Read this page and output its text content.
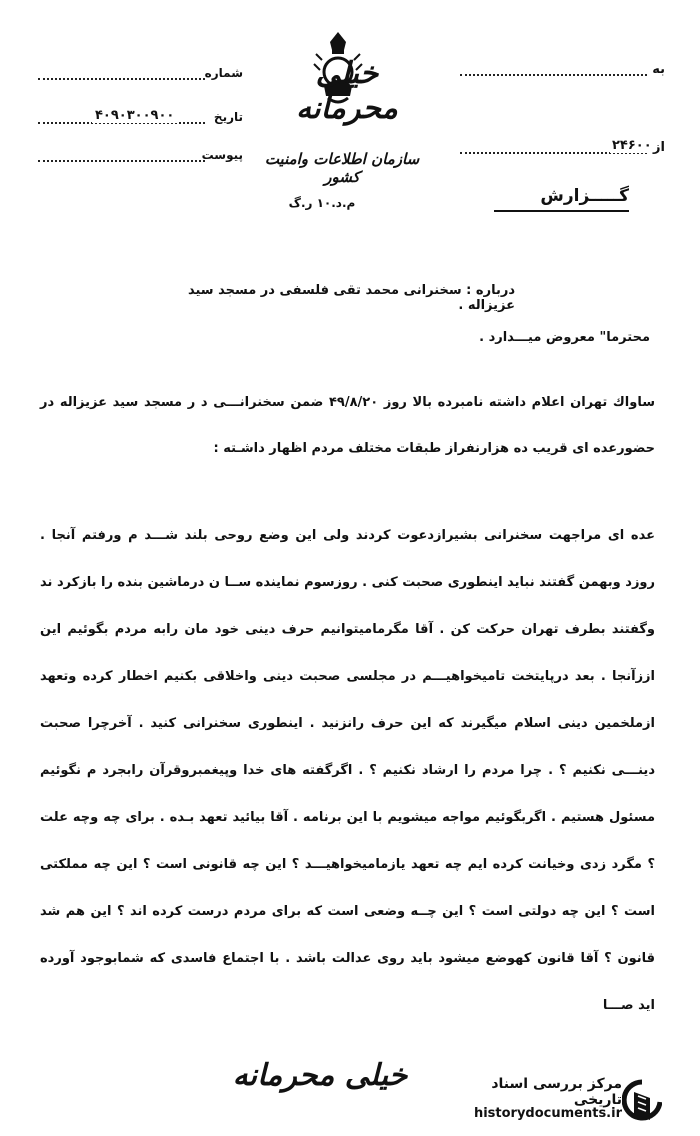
شماره
۴۰۹۰۳۰۰۹۰۰	تاریخ
پیوست
خیلی محرمانه
سازمان اطلاعات وامنیت کشور
م.د.۱۰ ر.گ
به
۲۴۶۰۰ از
گـــــزارش
درباره : سخنرانی محمد تقی فلسفی در مسجد سید عزیزاله .
محترما" معروض میـــدارد .
ساواك تهران اعلام داشته نامبرده بالا روز ۴۹/۸/۲۰ ضمن سخنرانـــی د ر مسجد سید عزیزاله در حضورعده ای قریب ده هزارنفراز طبقات مختلف مردم اظهار داشـته :
عده ای مراجهت سخنرانی بشیرازدعوت کردند ولی این وضع روحی بلند شـــد م ورفتم آنجا . روزد وبهمن گفتند نباید اینطوری صحبت کنی . روزسوم نماینده ســا ن درماشین بنده را بازکرد ند وگفتند بطرف تهران حرکت کن . آقا مگرمامیتوانیم حرف دینی خود مان رابه مردم بگوئیم این اززآنجا . بعد درپایتخت تامیخواهیـــم در مجلسی صحبت دینی واخلاقی بکنیم اخطار کرده وتعهد ازملخمین دینی اسلام میگیرند که این حرف رانزنید . اینطوری سخنرانی کنید . آخرچرا صحبت دینـــی نکنیم ؟ . چرا مردم را ارشاد نکنیم ؟ . اگرگفته های خدا وپیغمبروقرآن رابجرد م نگوئیم مسئول هستیم . اگربگوئیم مواجه میشویم با این برنامه . آقا بیائید تعهد بـده . برای چه وچه علت ؟ مگرد زدی وخیانت کرده ایم چه تعهد یازمامیخواهیـــد ؟ این چه قانونی است ؟ این چه مملکتی است ؟ این چه دولتی است ؟ این چــه وضعی است که برای مردم درست کرده اند ؟ این هم شد قانون ؟ آقا قانون کهوضع میشود باید روی عدالت باشد . با اجتماع فاسدی که شمابوجود آورده اید صـــا
خیلی محرمانه	مرکز بررسی اسناد تاریخی
historydocuments.ir
